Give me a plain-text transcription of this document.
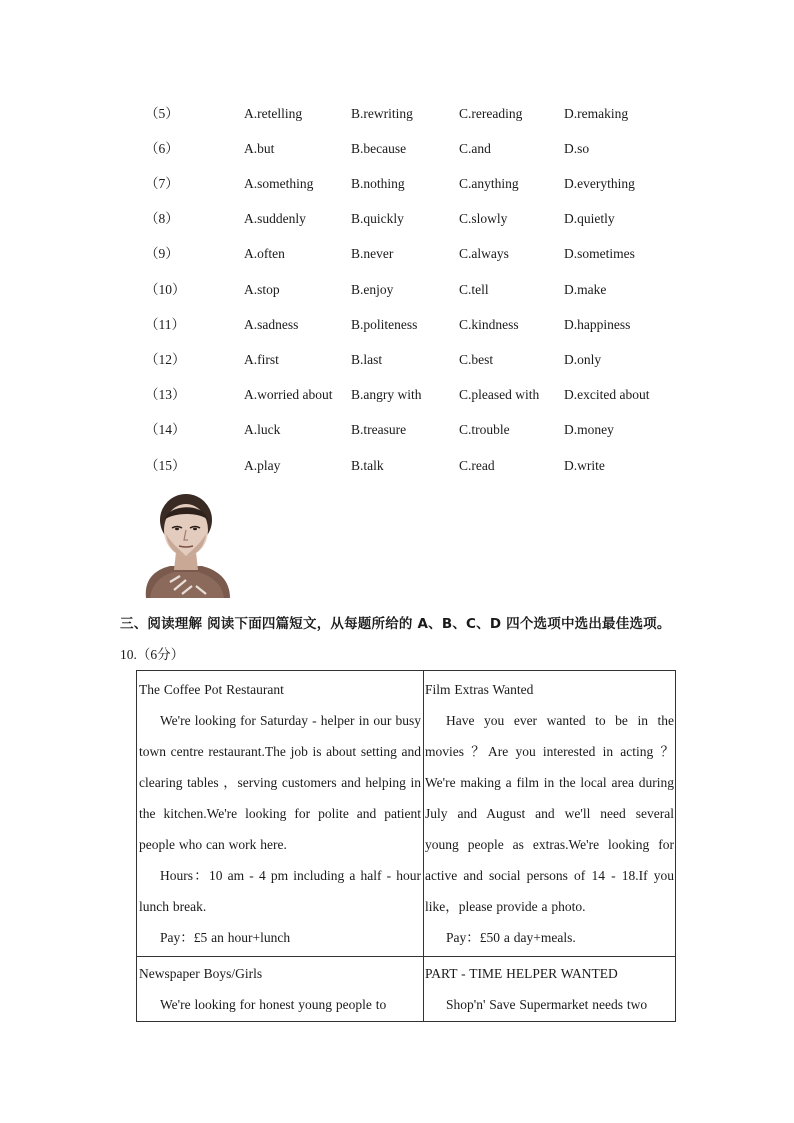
（5）	A.retelling	B.rewriting	C.rereading	D.remaking
（6）	A.but	B.because	C.and	D.so
（7）	A.something	B.nothing	C.anything	D.everything
（8）	A.suddenly	B.quickly	C.slowly	D.quietly
（9）	A.often	B.never	C.always	D.sometimes
（10）	A.stop	B.enjoy	C.tell	D.make
（11）	A.sadness	B.politeness	C.kindness	D.happiness
（12）	A.first	B.last	C.best	D.only
（13）	A.worried about B.angry with	C.pleased with D.excited about
（14）	A.luck	B.treasure	C.trouble	D.money
（15）	A.play	B.talk	C.read	D.write
三、阅读理解 阅读下面四篇短文，从每题所给的 A、B、C、D 四个选项中选出最佳选项。
10.（6分）
The Coffee Pot Restaurant

We're looking for Saturday - helper in our busy town centre restaurant.The job is about setting and clearing tables ，serving customers and helping in the kitchen.We're looking for polite and patient people who can work here.

Hours：10 am - 4 pm including a half - hour lunch break.

Pay：£5 an hour+lunch

Film Extras Wanted

Have you ever wanted to be in the movies ？Are you interested in acting ？We're making a film in the local area during July and August and we'll need several young people as extras.We're looking for active and social persons of 14 - 18.If you like，please provide a photo.

Pay：£50 a day+meals.

Newspaper Boys/Girls

We're looking for honest young people to

PART - TIME HELPER WANTED

Shop'n' Save Supermarket needs two
